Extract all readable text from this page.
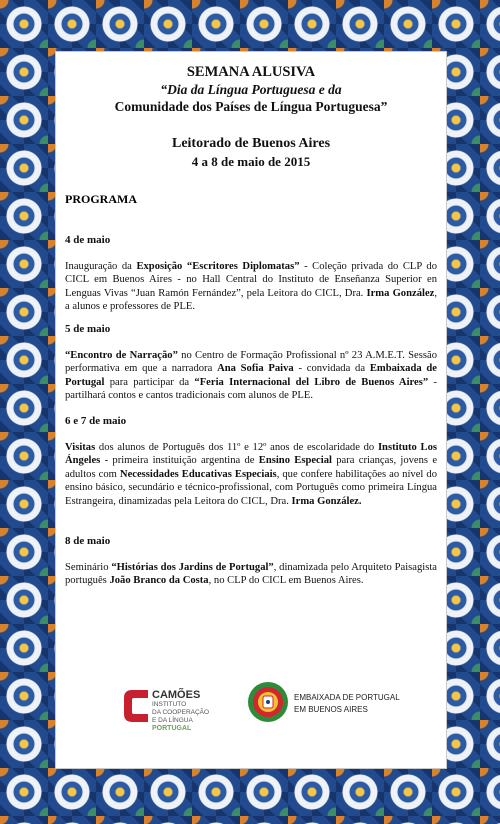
SEMANA ALUSIVA
“Dia da Língua Portuguesa e da
Comunidade dos Países de Língua Portuguesa”
Leitorado de Buenos Aires
4 a 8 de maio de 2015
PROGRAMA
4 de maio

Inauguração da Exposição “Escritores Diplomatas” - Coleção privada do CLP do CICL em Buenos Aires - no Hall Central do Instituto de Enseñanza Superior en Lenguas Vivas “Juan Ramón Fernández”, pela Leitora do CICL, Dra. Irma González, a alunos e professores de PLE.

5 de maio

“Encontro de Narração” no Centro de Formação Profissional nº 23 A.M.E.T. Sessão performativa em que a narradora Ana Sofia Paiva - convidada da Embaixada de Portugal para participar da “Feria Internacional del Libro de Buenos Aires” - partilhará contos e cantos tradicionais com alunos de PLE.

6 e 7 de maio

Visitas dos alunos de Português dos 11º e 12º anos de escolaridade do Instituto Los Ángeles - primeira instituição argentina de Ensino Especial para crianças, jovens e adultos com Necessidades Educativas Especiais, que confere habilitações ao nível do ensino básico, secundário e técnico-profissional, com Português como primeira Língua Estrangeira, dinamizadas pela Leitora do CICL, Dra. Irma González.

8 de maio

Seminário “Histórias dos Jardins de Portugal”, dinamizada pelo Arquiteto Paisagista português João Branco da Costa, no CLP do CICL em Buenos Aires.

CAMÕES
INSTITUTO
DA COOPERAÇÃO
E DA LÍNGUA
PORTUGAL
EMBAIXADA DE PORTUGAL
EM BUENOS AIRES
